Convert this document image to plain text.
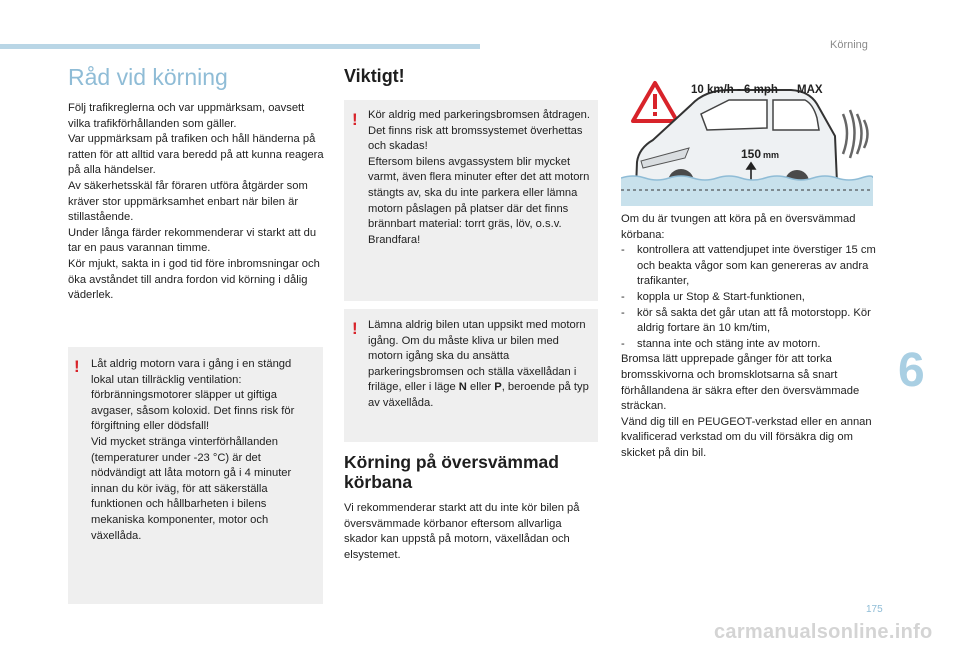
Körning
Råd vid körning

Följ trafikreglerna och var uppmärksam, oavsett vilka trafikförhållanden som gäller.

Var uppmärksam på trafiken och håll händerna på ratten för att alltid vara beredd på att kunna reagera på alla händelser.

Av säkerhetsskäl får föraren utföra åtgärder som kräver stor uppmärksamhet enbart när bilen är stillastående.

Under långa färder rekommenderar vi starkt att du tar en paus varannan timme.

Kör mjukt, sakta in i god tid före inbromsningar och öka avståndet till andra fordon vid körning i dålig väderlek.

! Låt aldrig motorn vara i gång i en stängd lokal utan tillräcklig ventilation: förbränningsmotorer släpper ut giftiga avgaser, såsom koloxid. Det finns risk för förgiftning eller dödsfall!

Vid mycket stränga vinterförhållanden (temperaturer under -23 °C) är det nödvändigt att låta motorn gå i 4 minuter innan du kör iväg, för att säkerställa funktionen och hållbarheten i bilens mekaniska komponenter, motor och växellåda.

Viktigt!
! Kör aldrig med parkeringsbromsen åtdragen. Det finns risk att bromssystemet överhettas och skadas!

Eftersom bilens avgassystem blir mycket varmt, även flera minuter efter det att motorn stängts av, ska du inte parkera eller lämna motorn påslagen på platser där det finns brännbart material: torrt gräs, löv, o.s.v. Brandfara!

! Lämna aldrig bilen utan uppsikt med motorn igång. Om du måste kliva ur bilen med motorn igång ska du ansätta parkeringsbromsen och ställa växellådan i friläge, eller i läge N eller P, beroende på typ av växellåda.

Körning på översvämmad körbana

Vi rekommenderar starkt att du inte kör bilen på översvämmade körbanor eftersom allvarliga skador kan uppstå på motorn, växellådan och elsystemet.

150 mm
10 km/h - 6 mph MAX

Om du är tvungen att köra på en översvämmad körbana:

- kontrollera att vattendjupet inte överstiger 15 cm och beakta vågor som kan genereras av andra trafikanter,
- koppla ur Stop & Start-funktionen,
- kör så sakta det går utan att få motorstopp. Kör aldrig fortare än 10 km/tim,
- stanna inte och stäng inte av motorn.

Bromsa lätt upprepade gånger för att torka bromsskivorna och bromsklotsarna så snart förhållandena är säkra efter den översvämmade sträckan.

Vänd dig till en PEUGEOT-verkstad eller en annan kvalificerad verkstad om du vill försäkra dig om skicket på din bil.

6
175
carmanualsonline.info
